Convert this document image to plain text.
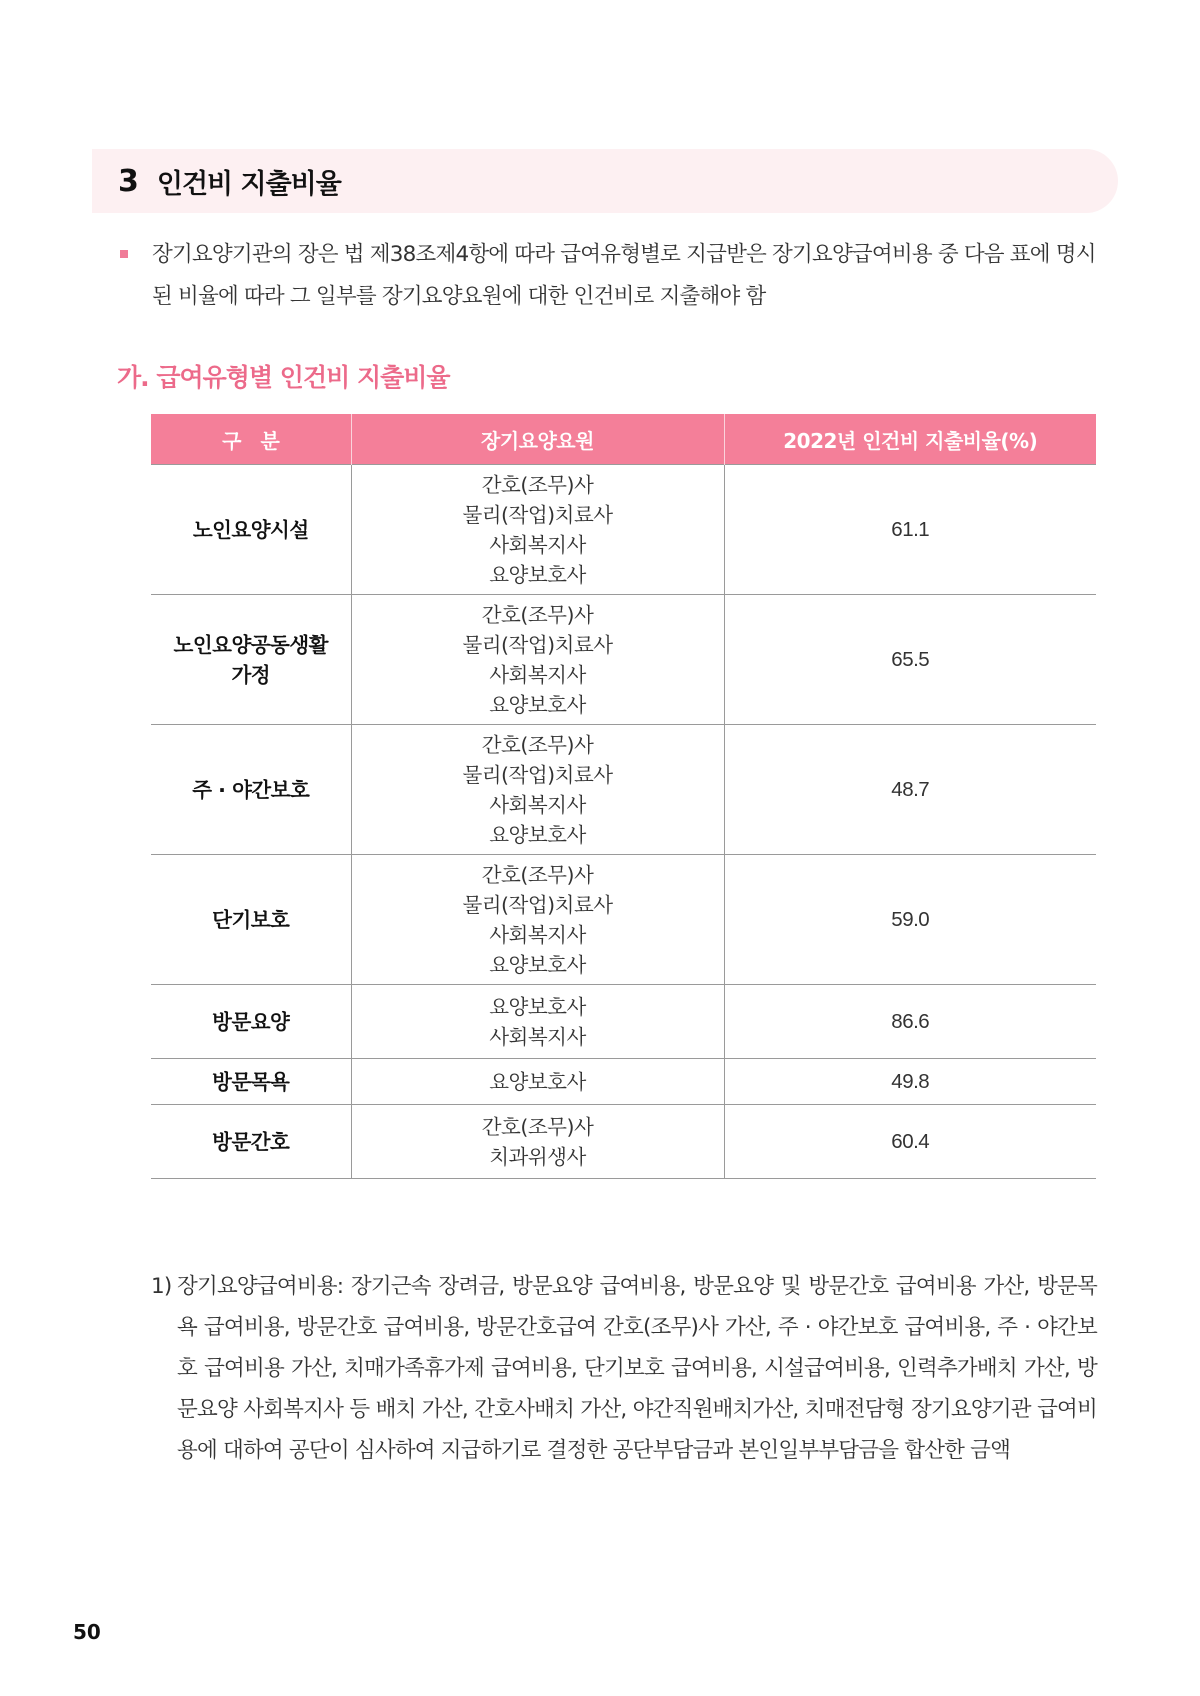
3 인건비 지출비율
장기요양기관의 장은 법 제38조제4항에 따라 급여유형별로 지급받은 장기요양급여비용 중 다음 표에 명시된 비율에 따라 그 일부를 장기요양요원에 대한 인건비로 지출해야 함
가. 급여유형별 인건비 지출비율
구　분	장기요양요원	2022년 인건비 지출비율(%)

노인요양시설	간호(조무)사
물리(작업)치료사
사회복지사
요양보호사	61.1

노인요양공동생활
가정	간호(조무)사
물리(작업)치료사
사회복지사
요양보호사	65.5

주 · 야간보호	간호(조무)사
물리(작업)치료사
사회복지사
요양보호사	48.7

단기보호	간호(조무)사
물리(작업)치료사
사회복지사
요양보호사	59.0

방문요양	요양보호사
사회복지사	86.6

방문목욕	요양보호사	49.8

방문간호	간호(조무)사
치과위생사	60.4
1) 장기요양급여비용: 장기근속 장려금, 방문요양 급여비용, 방문요양 및 방문간호 급여비용 가산, 방문목욕 급여비용, 방문간호 급여비용, 방문간호급여 간호(조무)사 가산, 주 · 야간보호 급여비용, 주 · 야간보호 급여비용 가산, 치매가족휴가제 급여비용, 단기보호 급여비용, 시설급여비용, 인력추가배치 가산, 방문요양 사회복지사 등 배치 가산, 간호사배치 가산, 야간직원배치가산, 치매전담형 장기요양기관 급여비용에 대하여 공단이 심사하여 지급하기로 결정한 공단부담금과 본인일부부담금을 합산한 금액
50
